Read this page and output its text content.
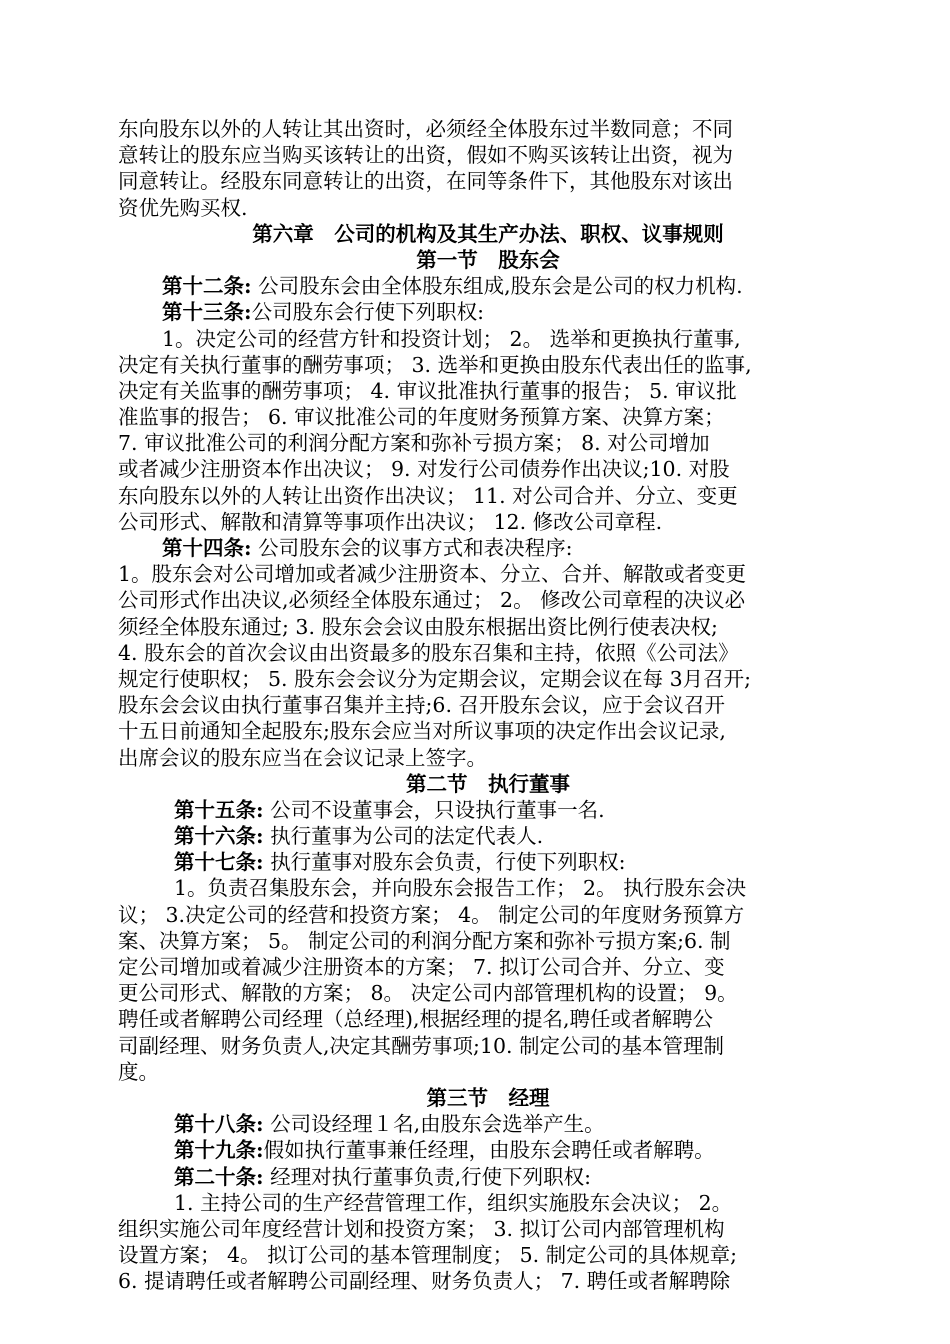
东向股东以外的人转让其出资时，必须经全体股东过半数同意；不同
意转让的股东应当购买该转让的出资，假如不购买该转让出资，视为
同意转让。经股东同意转让的出资，在同等条件下，其他股东对该出
资优先购买权.
第六章　公司的机构及其生产办法、职权、议事规则
第一节　股东会
第十二条: 公司股东会由全体股东组成,股东会是公司的权力机构.
第十三条:公司股东会行使下列职权:
1。决定公司的经营方针和投资计划； 2。 选举和更换执行董事,
决定有关执行董事的酬劳事项； 3. 选举和更换由股东代表出任的监事,
决定有关监事的酬劳事项； 4. 审议批准执行董事的报告； 5. 审议批
准监事的报告； 6. 审议批准公司的年度财务预算方案、决算方案；
7. 审议批准公司的利润分配方案和弥补亏损方案； 8. 对公司增加
或者减少注册资本作出决议； 9. 对发行公司债券作出决议;10. 对股
东向股东以外的人转让出资作出决议； 11. 对公司合并、分立、变更
公司形式、解散和清算等事项作出决议； 12. 修改公司章程.
第十四条: 公司股东会的议事方式和表决程序:
1。股东会对公司增加或者减少注册资本、分立、合并、解散或者变更
公司形式作出决议,必须经全体股东通过； 2。 修改公司章程的决议必
须经全体股东通过; 3. 股东会会议由股东根据出资比例行使表决权;
4. 股东会的首次会议由出资最多的股东召集和主持，依照《公司法》
规定行使职权； 5. 股东会会议分为定期会议，定期会议在每 3月召开;
股东会会议由执行董事召集并主持;6. 召开股东会议，应于会议召开
十五日前通知全起股东;股东会应当对所议事项的决定作出会议记录,
出席会议的股东应当在会议记录上签字。
第二节　执行董事
第十五条: 公司不设董事会，只设执行董事一名.
第十六条: 执行董事为公司的法定代表人.
第十七条: 执行董事对股东会负责，行使下列职权:
1。负责召集股东会，并向股东会报告工作； 2。 执行股东会决
议； 3.决定公司的经营和投资方案； 4。 制定公司的年度财务预算方
案、决算方案； 5。 制定公司的利润分配方案和弥补亏损方案;6. 制
定公司增加或着减少注册资本的方案； 7. 拟订公司合并、分立、变
更公司形式、解散的方案； 8。 决定公司内部管理机构的设置； 9。
聘任或者解聘公司经理（总经理),根据经理的提名,聘任或者解聘公
司副经理、财务负责人,决定其酬劳事项;10. 制定公司的基本管理制
度。
第三节　经理
第十八条: 公司设经理１名,由股东会选举产生。
第十九条:假如执行董事兼任经理，由股东会聘任或者解聘。
第二十条: 经理对执行董事负责,行使下列职权:
1. 主持公司的生产经营管理工作，组织实施股东会决议； 2。
组织实施公司年度经营计划和投资方案； 3. 拟订公司内部管理机构
设置方案； 4。 拟订公司的基本管理制度； 5. 制定公司的具体规章;
6. 提请聘任或者解聘公司副经理、财务负责人； 7. 聘任或者解聘除
